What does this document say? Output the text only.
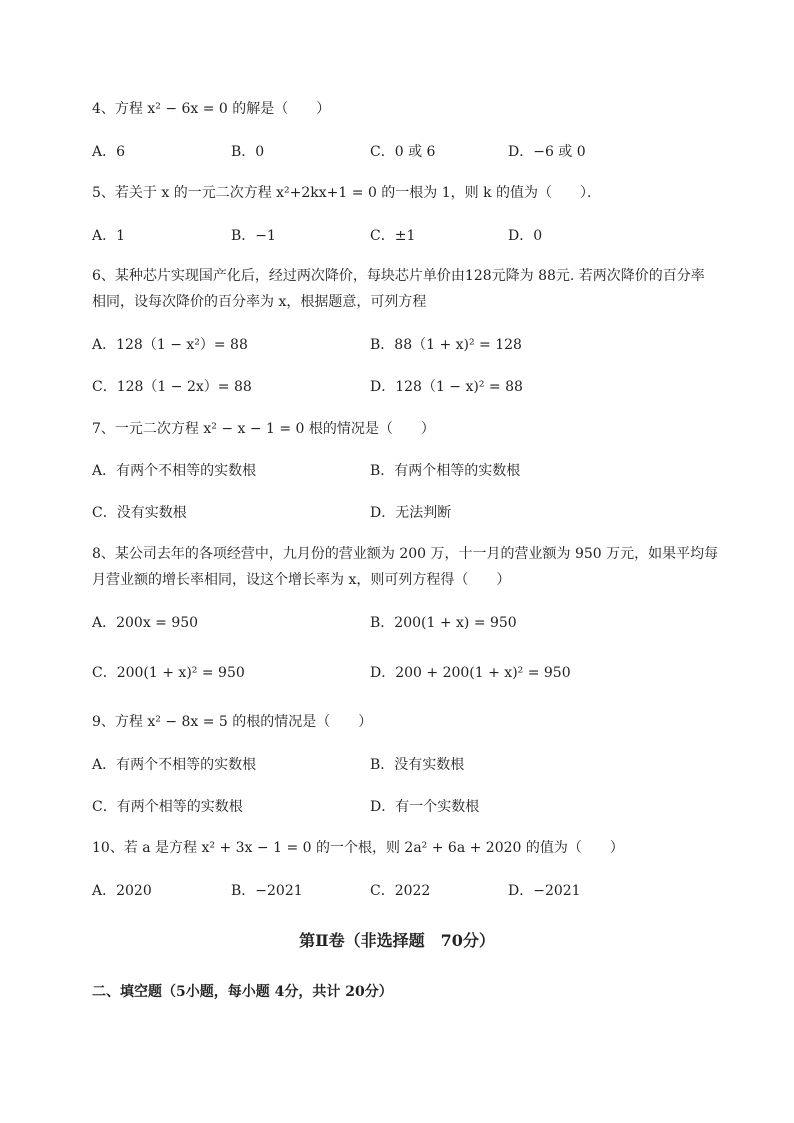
4、方程 x² − 6x = 0 的解是（　　）
A．6	B．0	C．0 或 6	D．−6 或 0
5、若关于 x 的一元二次方程 x²+2kx+1 = 0 的一根为 1，则 k 的值为（　　）．
A．1	B．−1	C．±1	D．0
6、某种芯片实现国产化后，经过两次降价，每块芯片单价由128元降为 88元. 若两次降价的百分率
相同，设每次降价的百分率为 x，根据题意，可列方程
A．128（1 − x²）= 88	B．88（1 + x)² = 128
C．128（1 − 2x）= 88	D．128（1 − x)² = 88
7、一元二次方程 x² − x − 1 = 0 根的情况是（　　）
A．有两个不相等的实数根	B．有两个相等的实数根
C．没有实数根	D．无法判断
8、某公司去年的各项经营中，九月份的营业额为 200 万，十一月的营业额为 950 万元，如果平均每
月营业额的增长率相同，设这个增长率为 x，则可列方程得（　　）
A．200x = 950	B．200(1 + x) = 950
C．200(1 + x)² = 950	D．200 + 200(1 + x)² = 950
9、方程 x² − 8x = 5 的根的情况是（　　）
A．有两个不相等的实数根	B．没有实数根
C．有两个相等的实数根	D．有一个实数根
10、若 a 是方程 x² + 3x − 1 = 0 的一个根，则 2a² + 6a + 2020 的值为（　　）
A．2020	B．−2021	C．2022	D．−2021
第Ⅱ卷（非选择题　70分）
二、填空题（5小题，每小题 4分，共计 20分）
